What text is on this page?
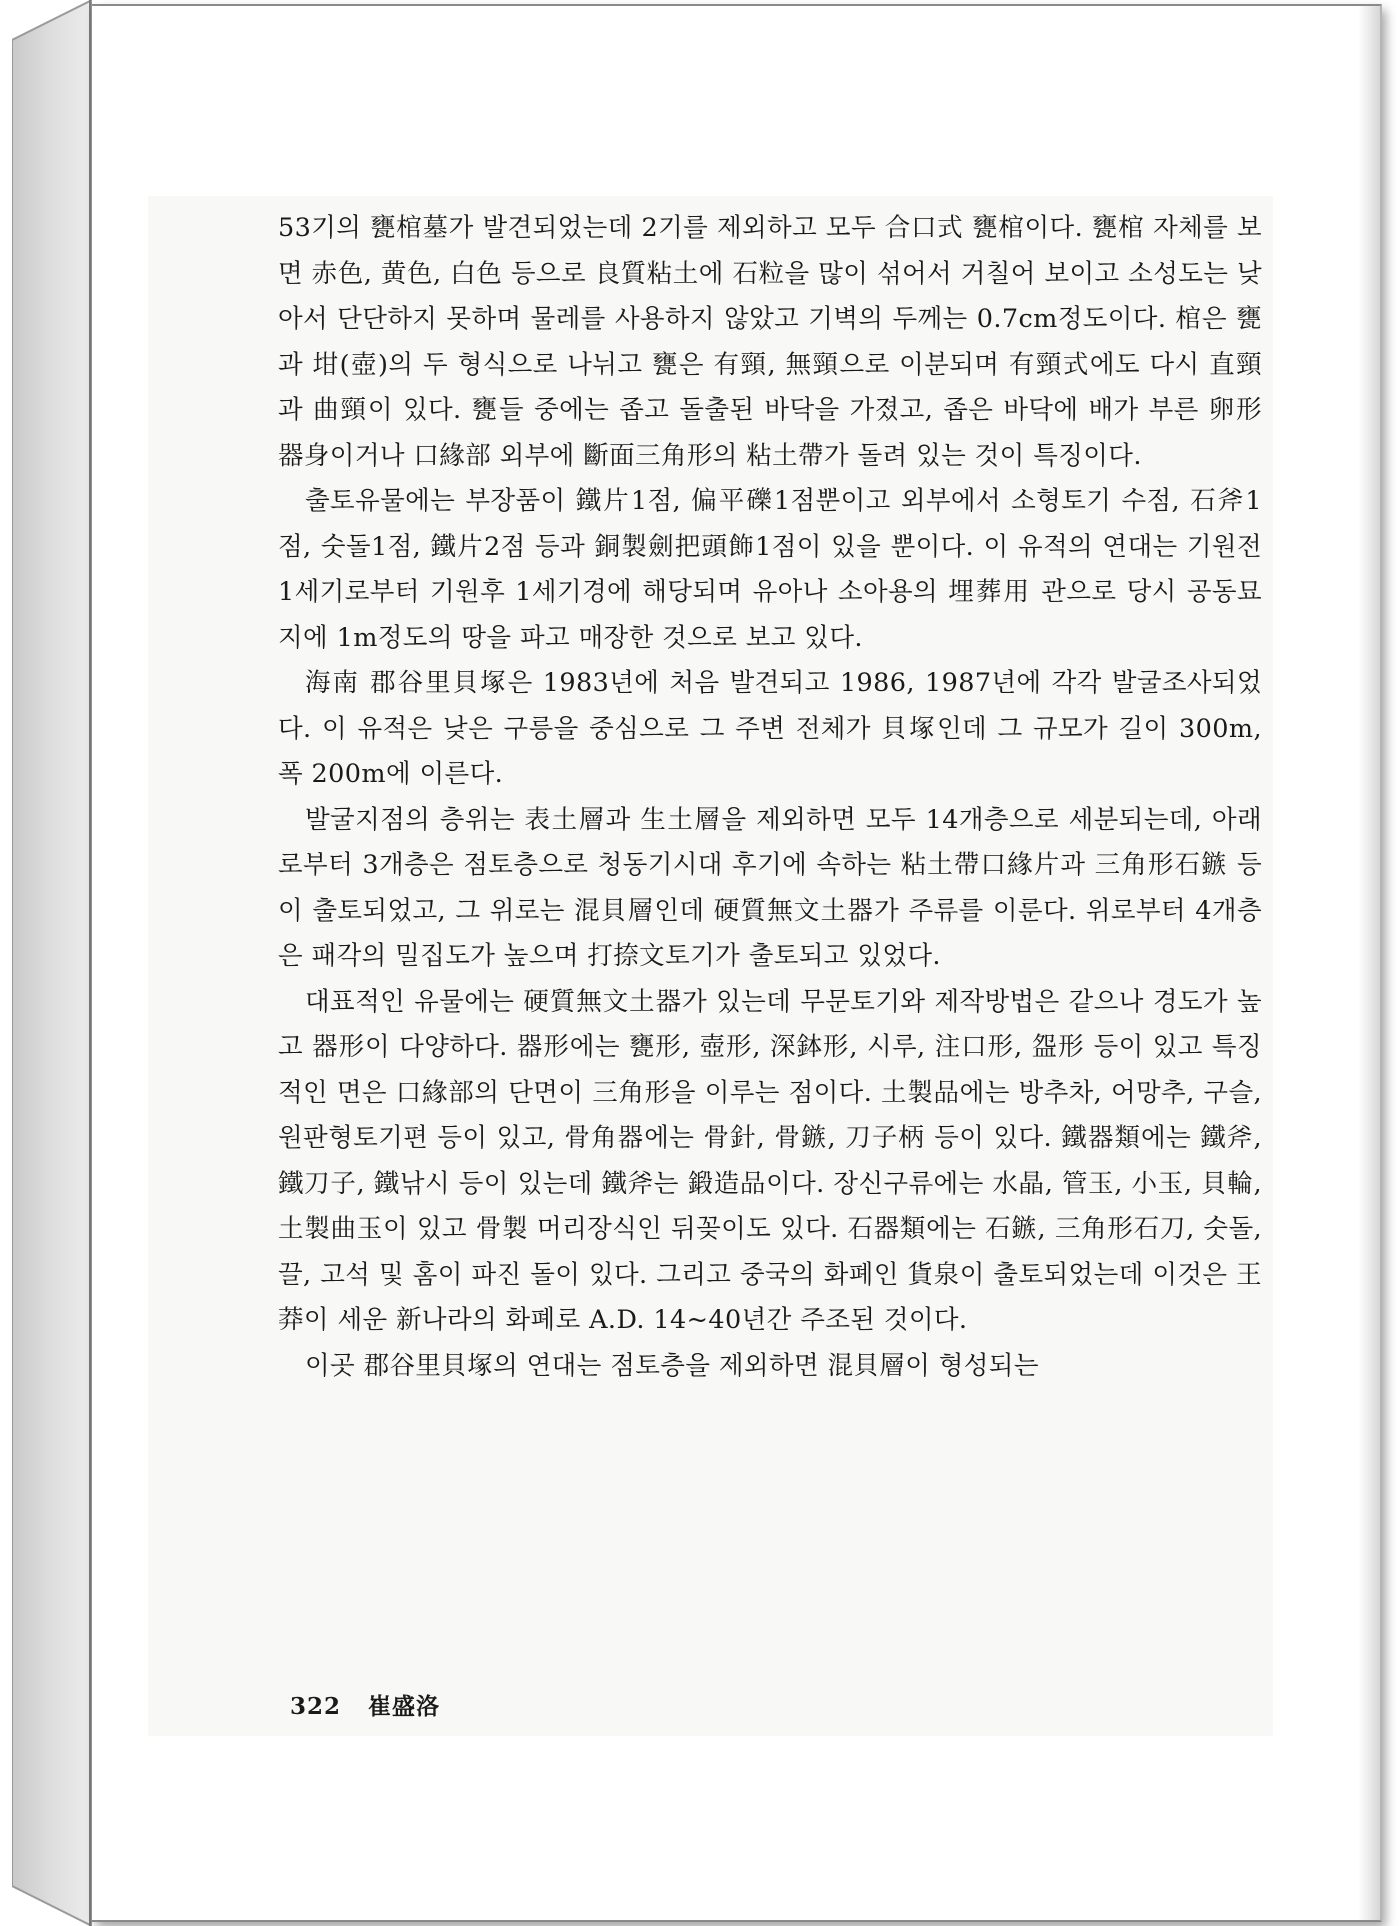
53기의 甕棺墓가 발견되었는데 2기를 제외하고 모두 合口式 甕棺이다. 甕棺 자체를 보면 赤色, 黄色, 白色 등으로 良質粘土에 石粒을 많이 섞어서 거칠어 보이고 소성도는 낮아서 단단하지 못하며 물레를 사용하지 않았고 기벽의 두께는 0.7cm정도이다. 棺은 甕과 坩(壺)의 두 형식으로 나뉘고 甕은 有頸, 無頸으로 이분되며 有頸式에도 다시 直頸과 曲頸이 있다. 甕들 중에는 좁고 돌출된 바닥을 가졌고, 좁은 바닥에 배가 부른 卵形 器身이거나 口緣部 외부에 斷面三角形의 粘土帶가 돌려 있는 것이 특징이다.

출토유물에는 부장품이 鐵片1점, 偏平礫1점뿐이고 외부에서 소형토기 수점, 石斧1점, 숫돌1점, 鐵片2점 등과 銅製劍把頭飾1점이 있을 뿐이다. 이 유적의 연대는 기원전 1세기로부터 기원후 1세기경에 해당되며 유아나 소아용의 埋葬用 관으로 당시 공동묘지에 1m정도의 땅을 파고 매장한 것으로 보고 있다.

海南 郡谷里貝塚은 1983년에 처음 발견되고 1986, 1987년에 각각 발굴조사되었다. 이 유적은 낮은 구릉을 중심으로 그 주변 전체가 貝塚인데 그 규모가 길이 300m, 폭 200m에 이른다.

발굴지점의 층위는 表土層과 生土層을 제외하면 모두 14개층으로 세분되는데, 아래로부터 3개층은 점토층으로 청동기시대 후기에 속하는 粘土帶口緣片과 三角形石鏃 등이 출토되었고, 그 위로는 混貝層인데 硬質無文土器가 주류를 이룬다. 위로부터 4개층은 패각의 밀집도가 높으며 打捺文토기가 출토되고 있었다.

대표적인 유물에는 硬質無文土器가 있는데 무문토기와 제작방법은 같으나 경도가 높고 器形이 다양하다. 器形에는 甕形, 壺形, 深鉢形, 시루, 注口形, 盌形 등이 있고 특징적인 면은 口緣部의 단면이 三角形을 이루는 점이다. 土製品에는 방추차, 어망추, 구슬, 원판형토기편 등이 있고, 骨角器에는 骨針, 骨鏃, 刀子柄 등이 있다. 鐵器類에는 鐵斧, 鐵刀子, 鐵낚시 등이 있는데 鐵斧는 鍛造品이다. 장신구류에는 水晶, 管玉, 小玉, 貝輪, 土製曲玉이 있고 骨製 머리장식인 뒤꽂이도 있다. 石器類에는 石鏃, 三角形石刀, 숫돌, 끌, 고석 및 홈이 파진 돌이 있다. 그리고 중국의 화폐인 貨泉이 출토되었는데 이것은 王莽이 세운 新나라의 화폐로 A.D. 14~40년간 주조된 것이다.

이곳 郡谷里貝塚의 연대는 점토층을 제외하면 混貝層이 형성되는

322 崔盛洛
